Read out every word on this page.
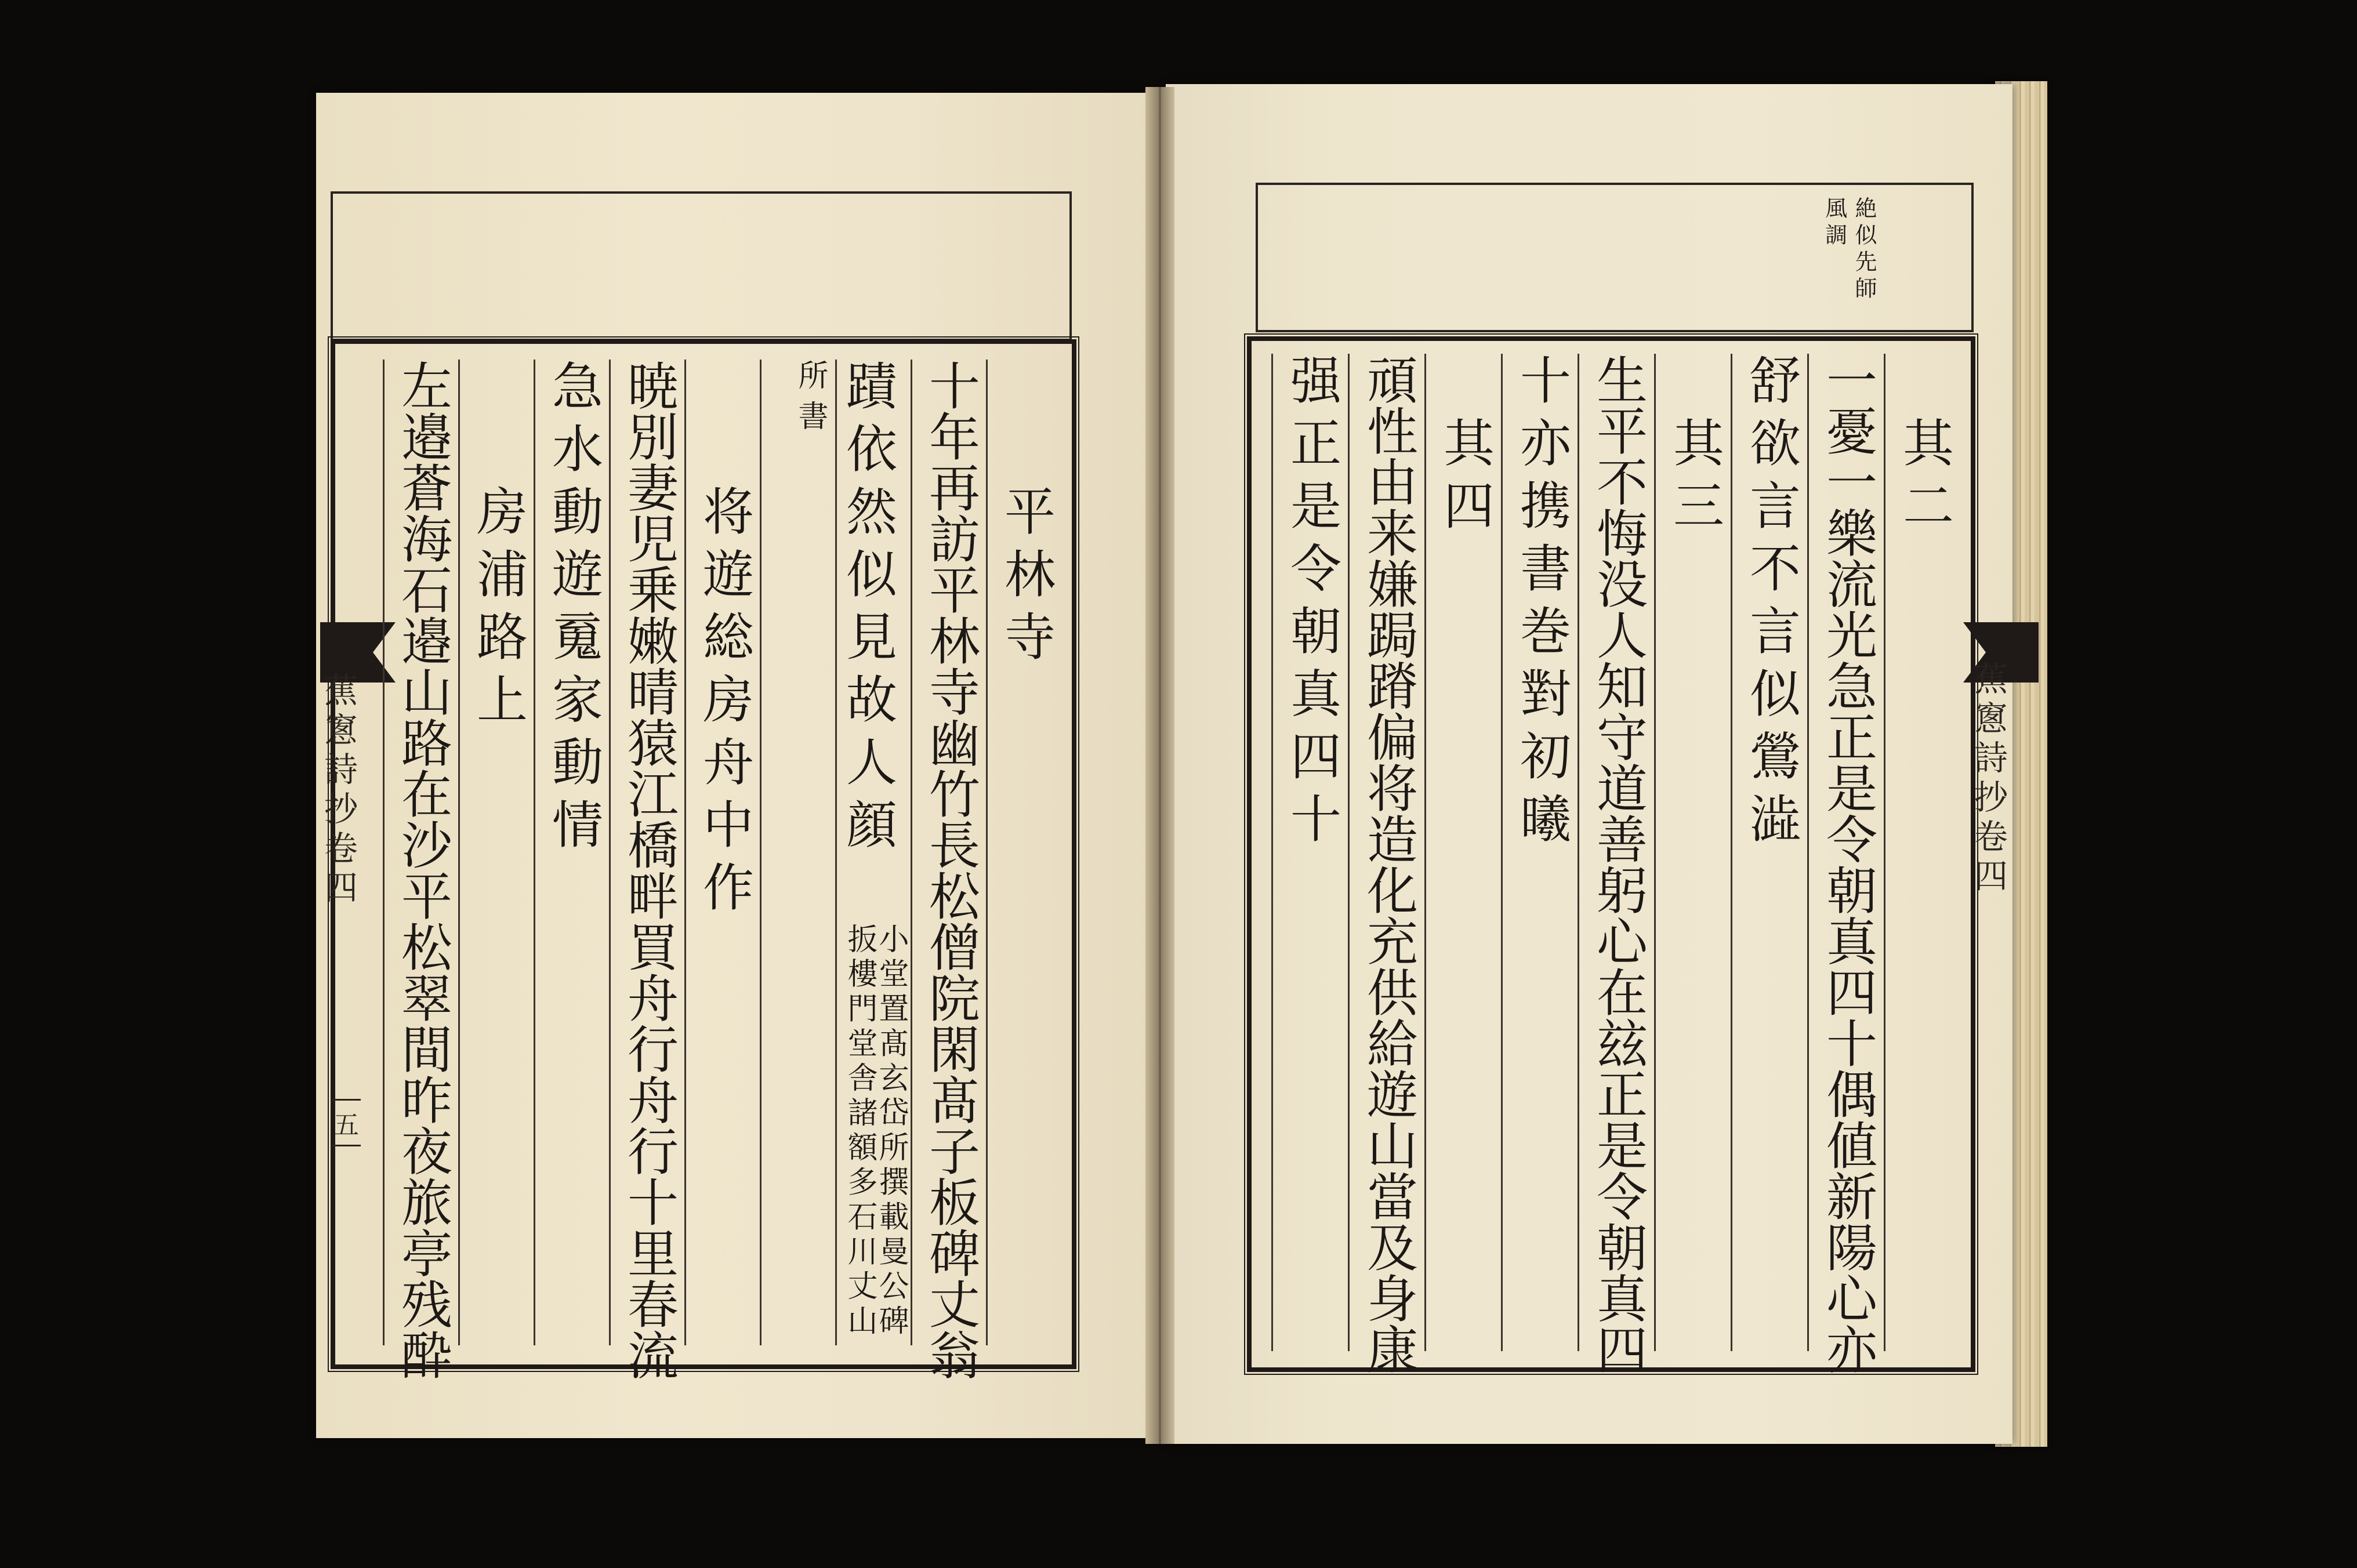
蕉窻詩抄卷四
五
平林寺
十年再訪平林寺幽竹長松僧院閑髙子板碑丈翁
蹟依然似見故人顔
小堂置髙玄岱所撰載曼公碑
扳樓門堂舎諸額多石川丈山
所書
将遊総房舟中作
暁別妻児乗嫩晴猿江橋畔買舟行舟行十里春流
急水動遊䰟家動情
房浦路上
左邉蒼海石邉山路在沙平松翠間昨夜旅亭残酔
絶似先師風調
蕉窻詩抄卷四
其二
一憂一樂流光急正是令朝真四十偶値新陽心亦
舒欲言不言似鶯澁
其三
生平不悔没人知守道善躬心在玆正是令朝真四
十亦携書巻對初曦
其四
頑性由来嫌跼蹐偏将造化充供給遊山當及身康
强正是令朝真四十
